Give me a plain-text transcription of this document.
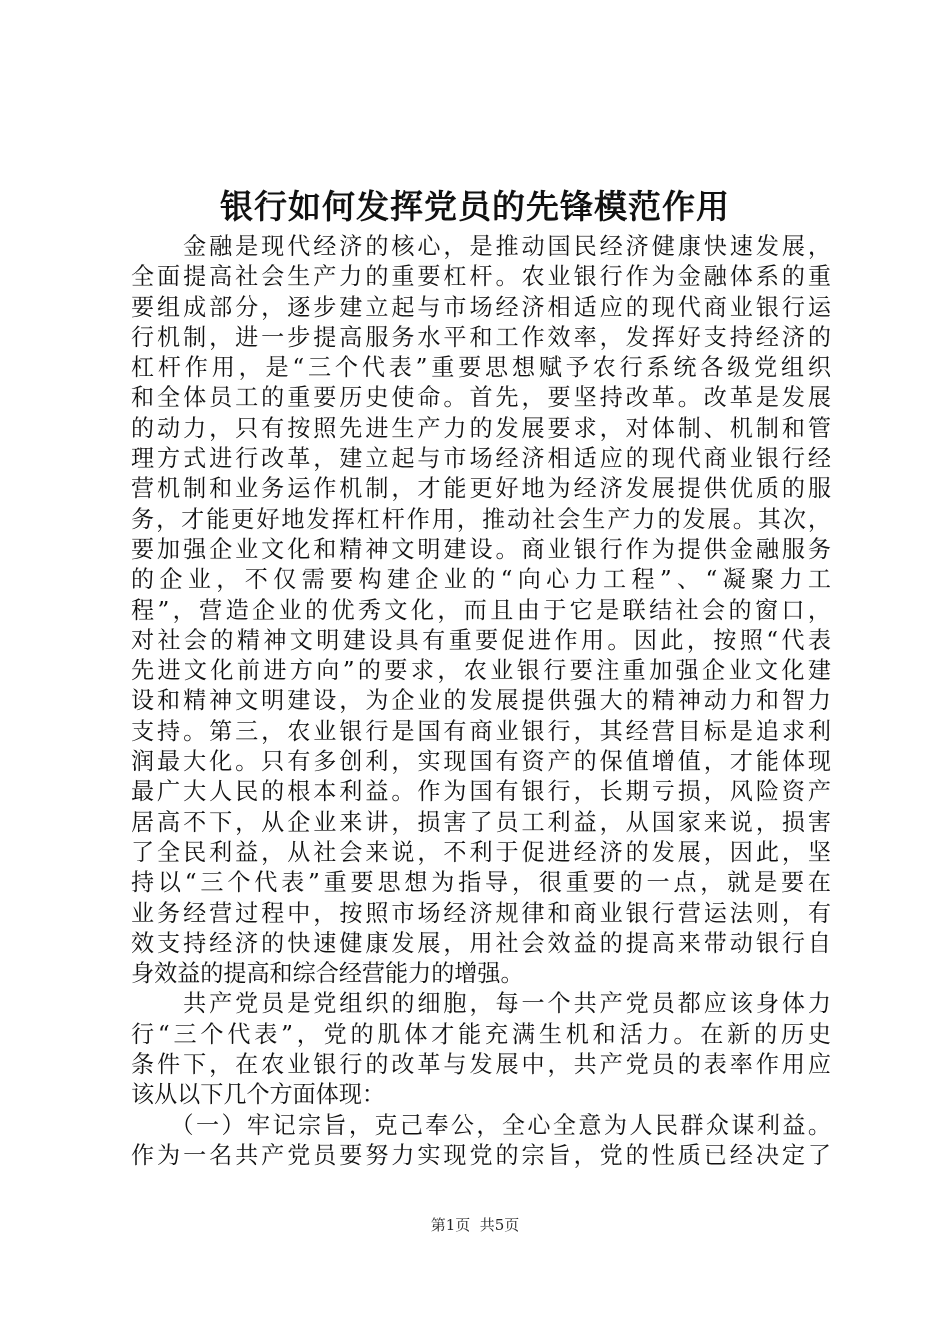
银行如何发挥党员的先锋模范作用
　　金融是现代经济的核心，是推动国民经济健康快速发展，
全面提高社会生产力的重要杠杆。农业银行作为金融体系的重
要组成部分，逐步建立起与市场经济相适应的现代商业银行运
行机制，进一步提高服务水平和工作效率，发挥好支持经济的
杠杆作用，是“三个代表”重要思想赋予农行系统各级党组织
和全体员工的重要历史使命。首先，要坚持改革。改革是发展
的动力，只有按照先进生产力的发展要求，对体制、机制和管
理方式进行改革，建立起与市场经济相适应的现代商业银行经
营机制和业务运作机制，才能更好地为经济发展提供优质的服
务，才能更好地发挥杠杆作用，推动社会生产力的发展。其次，
要加强企业文化和精神文明建设。商业银行作为提供金融服务
的企业，不仅需要构建企业的“向心力工程”、“凝聚力工
程”，营造企业的优秀文化，而且由于它是联结社会的窗口，
对社会的精神文明建设具有重要促进作用。因此，按照“代表
先进文化前进方向”的要求，农业银行要注重加强企业文化建
设和精神文明建设，为企业的发展提供强大的精神动力和智力
支持。第三，农业银行是国有商业银行，其经营目标是追求利
润最大化。只有多创利，实现国有资产的保值增值，才能体现
最广大人民的根本利益。作为国有银行，长期亏损，风险资产
居高不下，从企业来讲，损害了员工利益，从国家来说，损害
了全民利益，从社会来说，不利于促进经济的发展，因此，坚
持以“三个代表”重要思想为指导，很重要的一点，就是要在
业务经营过程中，按照市场经济规律和商业银行营运法则，有
效支持经济的快速健康发展，用社会效益的提高来带动银行自
身效益的提高和综合经营能力的增强。
　　共产党员是党组织的细胞，每一个共产党员都应该身体力
行“三个代表”，党的肌体才能充满生机和活力。在新的历史
条件下，在农业银行的改革与发展中，共产党员的表率作用应
该从以下几个方面体现：
　　（一）牢记宗旨，克己奉公，全心全意为人民群众谋利益。
作为一名共产党员要努力实现党的宗旨，党的性质已经决定了
第1页  共5页
